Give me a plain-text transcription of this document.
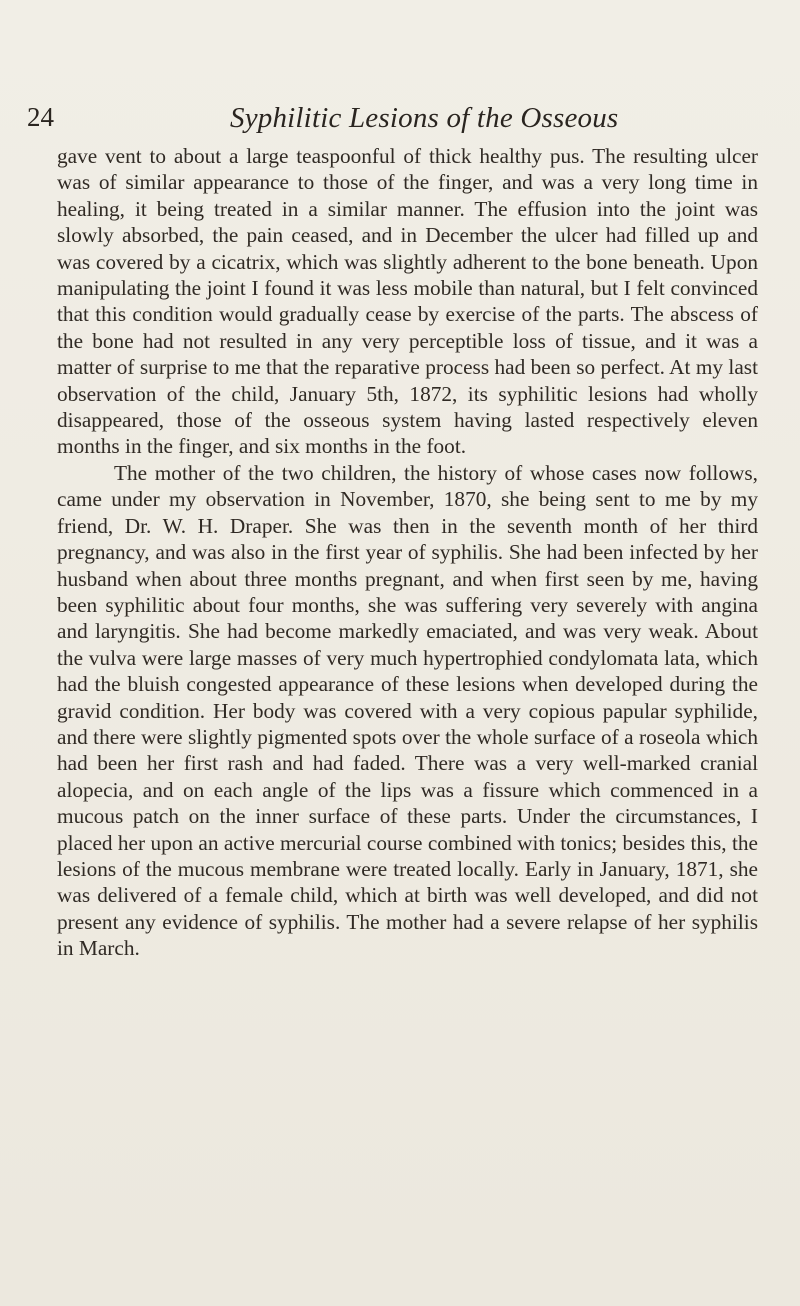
24	Syphilitic Lesions of the Osseous

gave vent to about a large teaspoonful of thick healthy pus. The resulting ulcer was of similar appearance to those of the finger, and was a very long time in healing, it being treated in a similar manner. The effusion into the joint was slowly absorbed, the pain ceased, and in December the ulcer had filled up and was covered by a cicatrix, which was slightly adherent to the bone beneath. Upon manipulating the joint I found it was less mobile than natural, but I felt convinced that this condition would gradually cease by exercise of the parts. The abscess of the bone had not resulted in any very perceptible loss of tissue, and it was a matter of surprise to me that the reparative process had been so perfect. At my last observation of the child, January 5th, 1872, its syphilitic lesions had wholly disappeared, those of the osseous system having lasted respectively eleven months in the finger, and six months in the foot.

The mother of the two children, the history of whose cases now follows, came under my observation in November, 1870, she being sent to me by my friend, Dr. W. H. Draper. She was then in the seventh month of her third pregnancy, and was also in the first year of syphilis. She had been infected by her husband when about three months pregnant, and when first seen by me, having been syphilitic about four months, she was suffering very severely with angina and laryngitis. She had become markedly emaciated, and was very weak. About the vulva were large masses of very much hypertrophied condylomata lata, which had the bluish congested appearance of these lesions when developed during the gravid condition. Her body was covered with a very copious papular syphilide, and there were slightly pigmented spots over the whole surface of a roseola which had been her first rash and had faded. There was a very well-marked cranial alopecia, and on each angle of the lips was a fissure which commenced in a mucous patch on the inner surface of these parts. Under the circumstances, I placed her upon an active mercurial course combined with tonics; besides this, the lesions of the mucous membrane were treated locally. Early in January, 1871, she was delivered of a female child, which at birth was well developed, and did not present any evidence of syphilis. The mother had a severe relapse of her syphilis in March.
